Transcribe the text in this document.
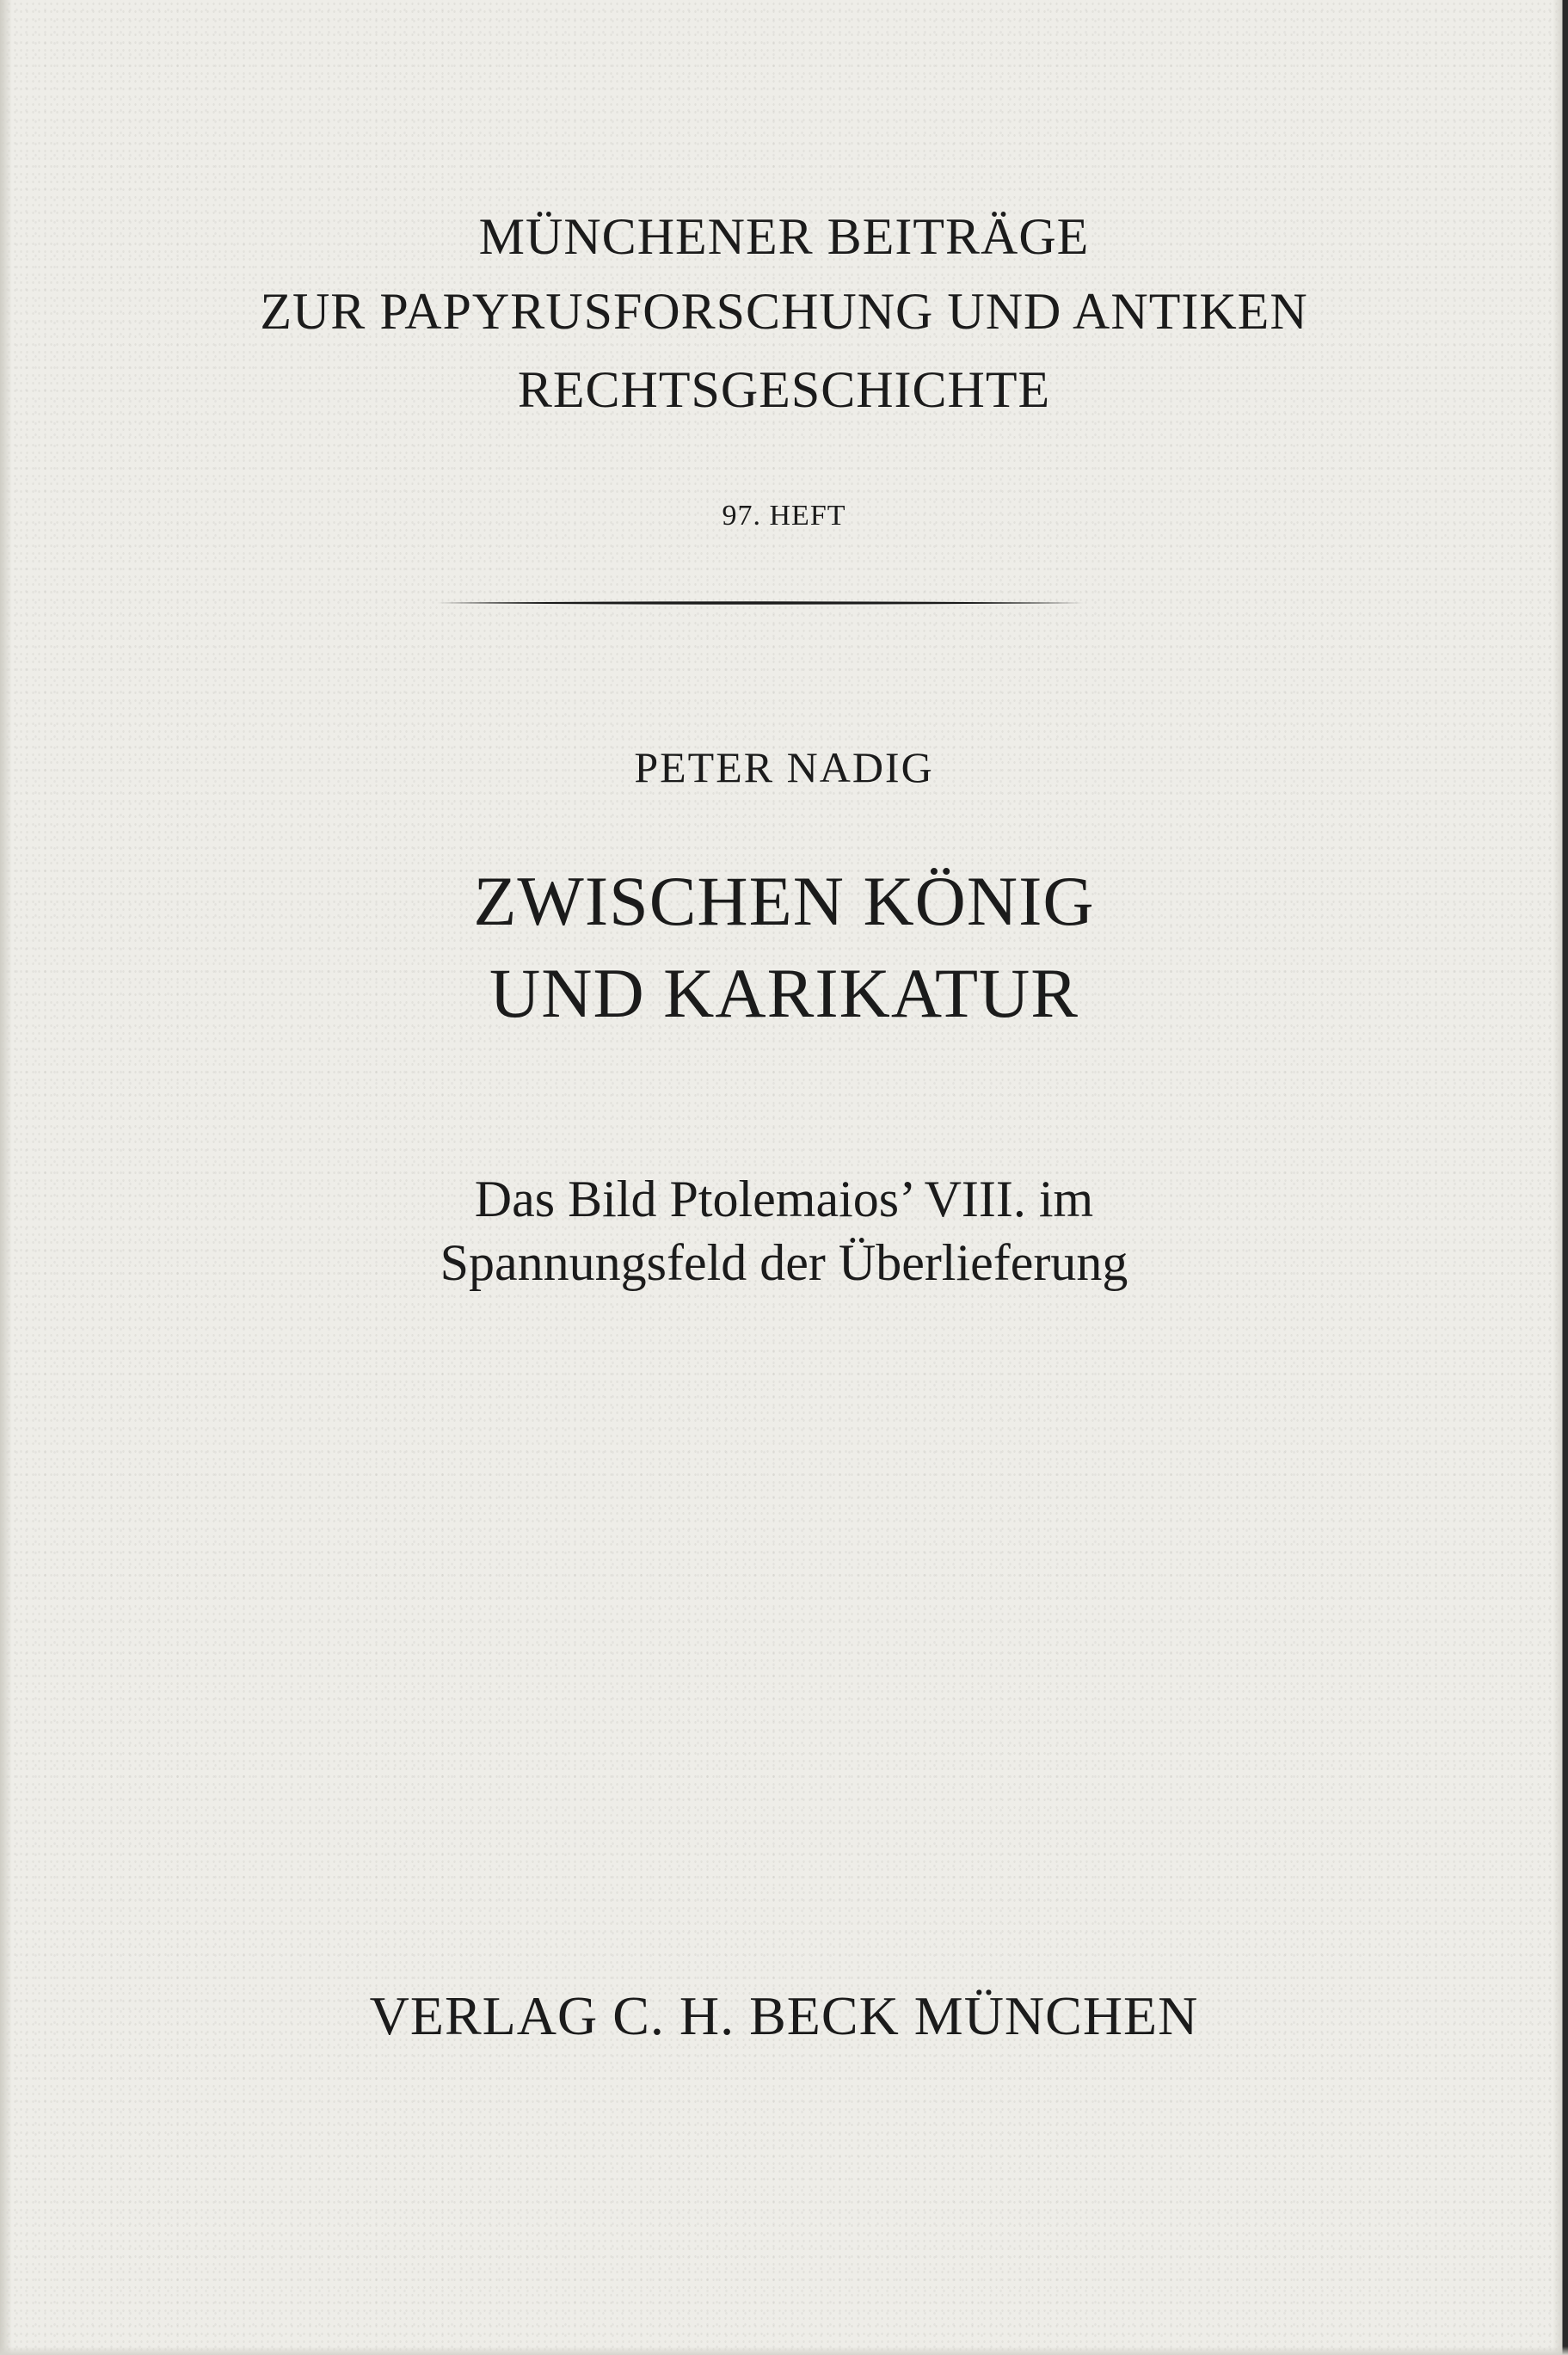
MÜNCHENER BEITRÄGE
ZUR PAPYRUSFORSCHUNG UND ANTIKEN
RECHTSGESCHICHTE
97. HEFT
PETER NADIG
ZWISCHEN KÖNIG
UND KARIKATUR
Das Bild Ptolemaios’ VIII. im
Spannungsfeld der Überlieferung
VERLAG C. H. BECK MÜNCHEN
